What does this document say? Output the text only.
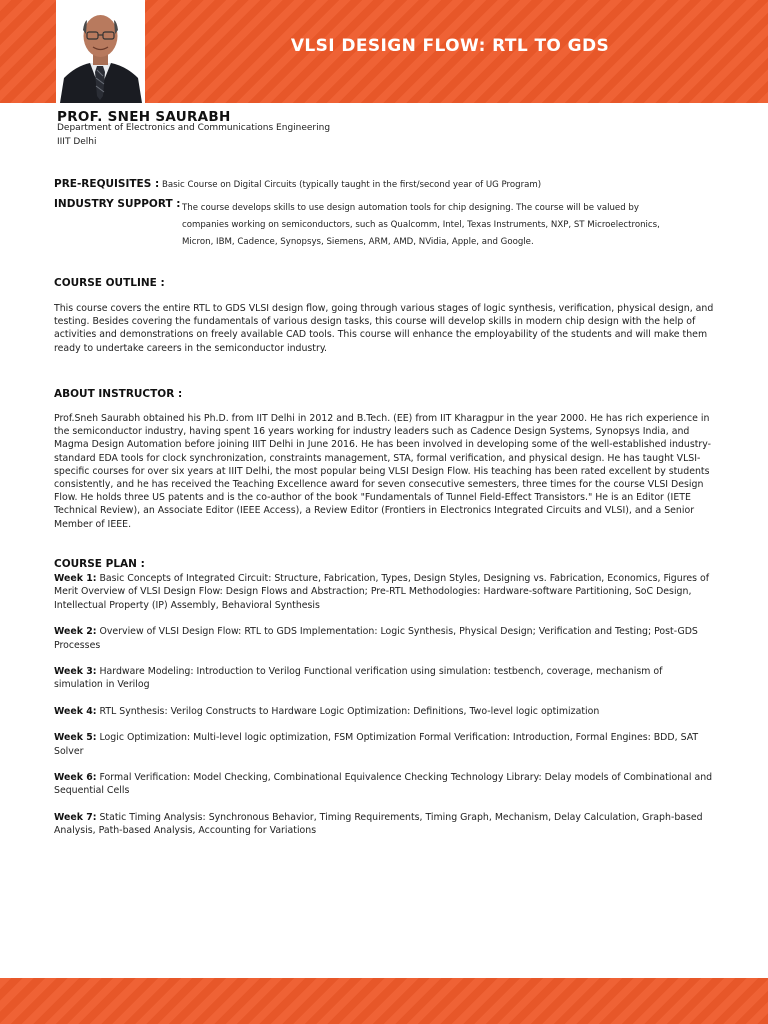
VLSI DESIGN FLOW: RTL TO GDS
PROF. SNEH SAURABH
Department of Electronics and Communications Engineering
IIIT Delhi
PRE-REQUISITES : Basic Course on Digital Circuits (typically taught in the first/second year of UG Program)
INDUSTRY SUPPORT : The course develops skills to use design automation tools for chip designing. The course will be valued by companies working on semiconductors, such as Qualcomm, Intel, Texas Instruments, NXP, ST Microelectronics, Micron, IBM, Cadence, Synopsys, Siemens, ARM, AMD, NVidia, Apple, and Google.
COURSE OUTLINE :
This course covers the entire RTL to GDS VLSI design flow, going through various stages of logic synthesis, verification, physical design, and testing. Besides covering the fundamentals of various design tasks, this course will develop skills in modern chip design with the help of activities and demonstrations on freely available CAD tools. This course will enhance the employability of the students and will make them ready to undertake careers in the semiconductor industry.
ABOUT INSTRUCTOR :
Prof.Sneh Saurabh obtained his Ph.D. from IIT Delhi in 2012 and B.Tech. (EE) from IIT Kharagpur in the year 2000. He has rich experience in the semiconductor industry, having spent 16 years working for industry leaders such as Cadence Design Systems, Synopsys India, and Magma Design Automation before joining IIIT Delhi in June 2016. He has been involved in developing some of the well-established industry-standard EDA tools for clock synchronization, constraints management, STA, formal verification, and physical design. He has taught VLSI-specific courses for over six years at IIIT Delhi, the most popular being VLSI Design Flow. His teaching has been rated excellent by students consistently, and he has received the Teaching Excellence award for seven consecutive semesters, three times for the course VLSI Design Flow. He holds three US patents and is the co-author of the book "Fundamentals of Tunnel Field-Effect Transistors." He is an Editor (IETE Technical Review), an Associate Editor (IEEE Access), a Review Editor (Frontiers in Electronics Integrated Circuits and VLSI), and a Senior Member of IEEE.
COURSE PLAN :
Week 1: Basic Concepts of Integrated Circuit: Structure, Fabrication, Types, Design Styles, Designing vs. Fabrication, Economics, Figures of Merit Overview of VLSI Design Flow: Design Flows and Abstraction; Pre-RTL Methodologies: Hardware-software Partitioning, SoC Design, Intellectual Property (IP) Assembly, Behavioral Synthesis
Week 2: Overview of VLSI Design Flow: RTL to GDS Implementation: Logic Synthesis, Physical Design; Verification and Testing; Post-GDS Processes
Week 3: Hardware Modeling: Introduction to Verilog Functional verification using simulation: testbench, coverage, mechanism of simulation in Verilog
Week 4: RTL Synthesis: Verilog Constructs to Hardware Logic Optimization: Definitions, Two-level logic optimization
Week 5: Logic Optimization: Multi-level logic optimization, FSM Optimization Formal Verification: Introduction, Formal Engines: BDD, SAT Solver
Week 6: Formal Verification: Model Checking, Combinational Equivalence Checking Technology Library: Delay models of Combinational and Sequential Cells
Week 7: Static Timing Analysis: Synchronous Behavior, Timing Requirements, Timing Graph, Mechanism, Delay Calculation, Graph-based Analysis, Path-based Analysis, Accounting for Variations
